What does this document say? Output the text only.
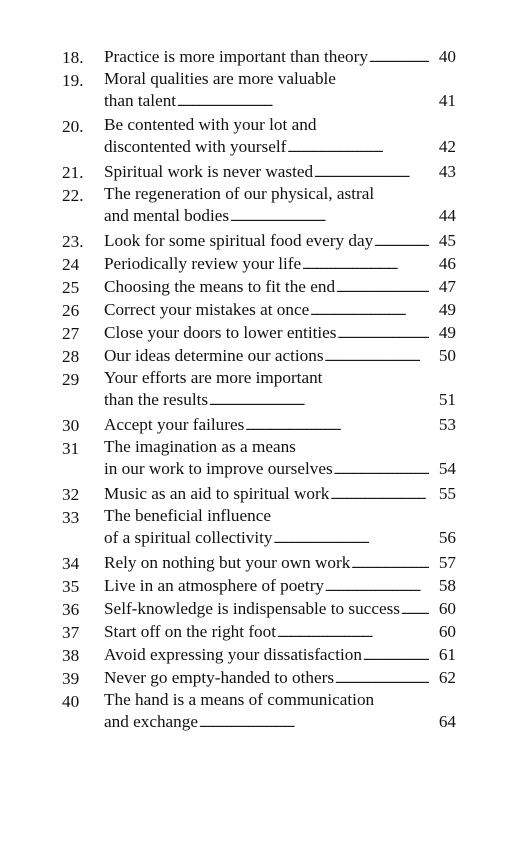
18.	Practice is more important than theory . . .	40
19.	Moral qualities are more valuable
than talent . . .	41
20.	Be contented with your lot and
discontented with yourself . . .	42
21.	Spiritual work is never wasted . . .	43
22.	The regeneration of our physical, astral
and mental bodies . . .	44
23.	Look for some spiritual food every day . . .	45
24	Periodically review your life . . .	46
25	Choosing the means to fit the end . . .	47
26	Correct your mistakes at once . . .	49
27	Close your doors to lower entities . . .	49
28	Our ideas determine our actions . . .	50
29	Your efforts are more important
than the results . . .	51
30	Accept your failures . . .	53
31	The imagination as a means
in our work to improve ourselves . . .	54
32	Music as an aid to spiritual work . . .	55
33	The beneficial influence
of a spiritual collectivity . . .	56
34	Rely on nothing but your own work . . .	57
35	Live in an atmosphere of poetry . . .	58
36	Self-knowledge is indispensable to success . . .	60
37	Start off on the right foot . . .	60
38	Avoid expressing your dissatisfaction . . .	61
39	Never go empty-handed to others . . .	62
40	The hand is a means of communication
and exchange . . .	64
